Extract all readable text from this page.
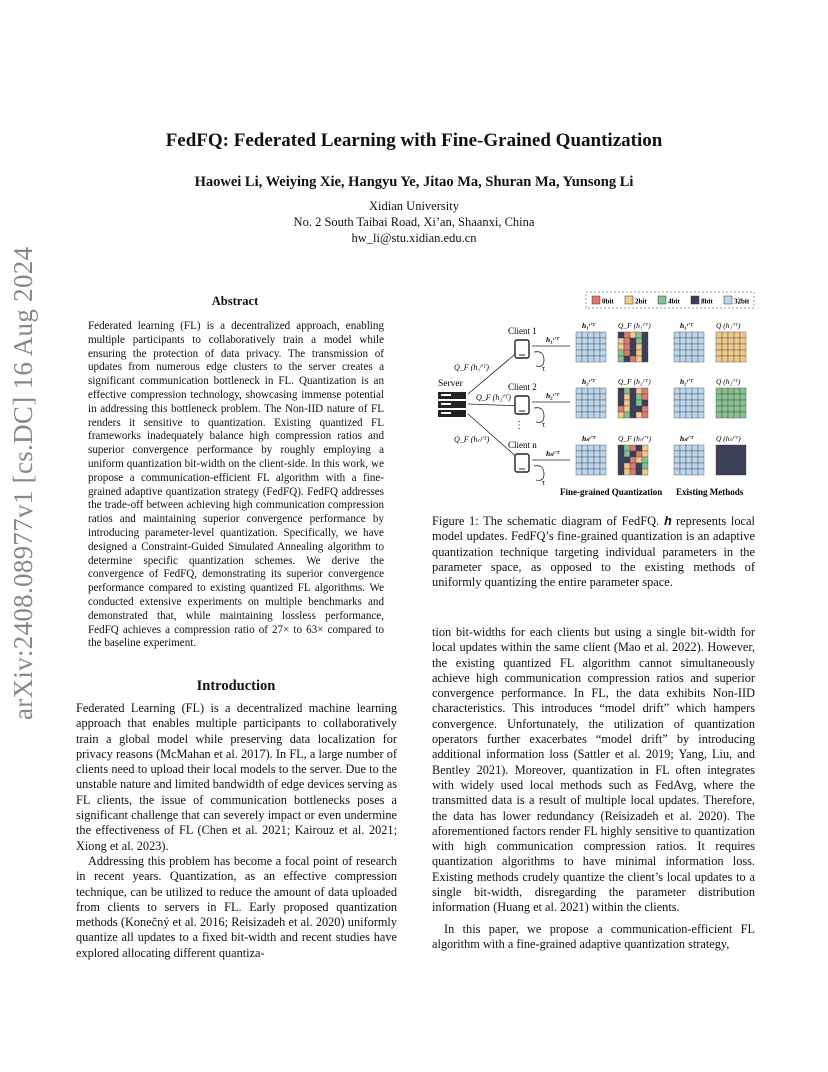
FedFQ: Federated Learning with Fine-Grained Quantization
Haowei Li, Weiying Xie, Hangyu Ye, Jitao Ma, Shuran Ma, Yunsong Li
Xidian University
No. 2 South Taibai Road, Xi’an, Shaanxi, China
hw_li@stu.xidian.edu.cn
arXiv:2408.08977v1 [cs.DC] 16 Aug 2024	Abstract
Federated learning (FL) is a decentralized approach, enabling multiple participants to collaboratively train a model while ensuring the protection of data privacy. The transmission of updates from numerous edge clusters to the server creates a significant communication bottleneck in FL. Quantization is an effective compression technology, showcasing immense potential in addressing this bottleneck problem. The Non-IID nature of FL renders it sensitive to quantization. Existing quantized FL frameworks inadequately balance high compression ratios and superior convergence performance by roughly employing a uniform quantization bit-width on the client-side. In this work, we propose a communication-efficient FL algorithm with a fine-grained adaptive quantization strategy (FedFQ). FedFQ addresses the trade-off between achieving high communication compression ratios and maintaining superior convergence performance by introducing parameter-level quantization. Specifically, we have designed a Constraint-Guided Simulated Annealing algorithm to determine specific quantization schemes. We derive the convergence of FedFQ, demonstrating its superior convergence performance compared to existing quantized FL algorithms. We conducted extensive experiments on multiple benchmarks and demonstrated that, while maintaining lossless performance, FedFQ achieves a compression ratio of 27× to 63× compared to the baseline experiment.
Introduction

Federated Learning (FL) is a decentralized machine learning approach that enables multiple participants to collaboratively train a global model while preserving data localization for privacy reasons (McMahan et al. 2017). In FL, a large number of clients need to upload their local models to the server. Due to the unstable nature and limited bandwidth of edge devices serving as FL clients, the issue of communication bottlenecks poses a significant challenge that can severely impact or even undermine the effectiveness of FL (Chen et al. 2021; Kairouz et al. 2021; Xiong et al. 2023).

Addressing this problem has become a focal point of research in recent years. Quantization, as an effective compression technique, can be utilized to reduce the amount of data uploaded from clients to servers in FL. Early proposed quantization methods (Konečný et al. 2016; Reisizadeh et al. 2020) uniformly quantize all updates to a fixed bit-width and recent studies have explored allocating different quantiza-

tion bit-widths for each clients but using a single bit-width for local updates within the same client (Mao et al. 2022). However, the existing quantized FL algorithm cannot simultaneously achieve high communication compression ratios and superior convergence performance. In FL, the data exhibits Non-IID characteristics. This introduces “model drift” which hampers convergence. Unfortunately, the utilization of quantization operators further exacerbates “model drift” by introducing additional information loss (Sattler et al. 2019; Yang, Liu, and Bentley 2021). Moreover, quantization in FL often integrates with widely used local methods such as FedAvg, where the transmitted data is a result of multiple local updates. Therefore, the data has lower redundancy (Reisizadeh et al. 2020). The aforementioned factors render FL highly sensitive to quantization with high communication compression ratios. It requires quantization algorithms to have minimal information loss. Existing methods crudely quantize the client’s local updates to a single bit-width, disregarding the parameter distribution information (Huang et al. 2021) within the clients.

In this paper, we propose a communication-efficient FL algorithm with a fine-grained adaptive quantization strategy,

0bit	2bit	4bit	8bit	32bit
Server
Q_F (h₁ᵗ'ᵀ)
Q_F (h₂ᵗ'ᵀ)
Q_F (hₙᵗ'ᵀ)
Client 1
Client 2
Client n
⋮
τ
τ
τ
h₁ᵗ'ᵀ
h₂ᵗ'ᵀ
hₙᵗ'ᵀ
h₁ᵗ'ᵀ	Q_F (h₁ᵗ'ᵀ)	h₁ᵗ'ᵀ	Q (h₁ᵗ'ᵀ)
h₂ᵗ'ᵀ	Q_F (h₂ᵗ'ᵀ)	h₂ᵗ'ᵀ	Q (h₂ᵗ'ᵀ)
hₙᵗ'ᵀ	Q_F (hₙᵗ'ᵀ)	hₙᵗ'ᵀ	Q (hₙᵗ'ᵀ)
Fine-grained Quantization Existing Methods
Figure 1: The schematic diagram of FedFQ. 𝒉 represents local model updates. FedFQ’s fine-grained quantization is an adaptive quantization technique targeting individual parameters in the parameter space, as opposed to the existing methods of uniformly quantizing the entire parameter space.
